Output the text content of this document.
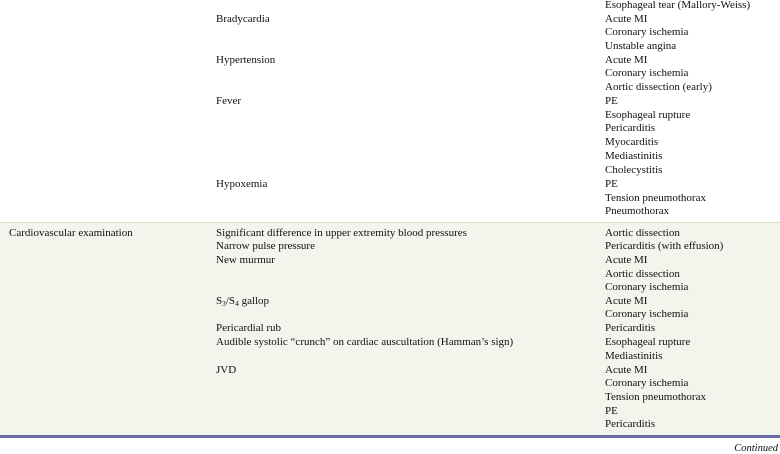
Bradycardia
Hypertension
Fever
Hypoxemia
Esophageal tear (Mallory-Weiss)
Acute MI
Coronary ischemia
Unstable angina
Acute MI
Coronary ischemia
Aortic dissection (early)
PE
Esophageal rupture
Pericarditis
Myocarditis
Mediastinitis
Cholecystitis
PE
Tension pneumothorax
Pneumothorax
Cardiovascular examination	Significant difference in upper extremity blood pressures
Narrow pulse pressure
New murmur
$S_3/S_4$ gallop
Pericardial rub
Audible systolic “crunch” on cardiac auscultation (Hamman’s sign)
JVD
Aortic dissection
Pericarditis (with effusion)
Acute MI
Aortic dissection
Coronary ischemia
Acute MI
Coronary ischemia
Pericarditis
Esophageal rupture
Mediastinitis
Acute MI
Coronary ischemia
Tension pneumothorax
PE
Pericarditis
Continued
